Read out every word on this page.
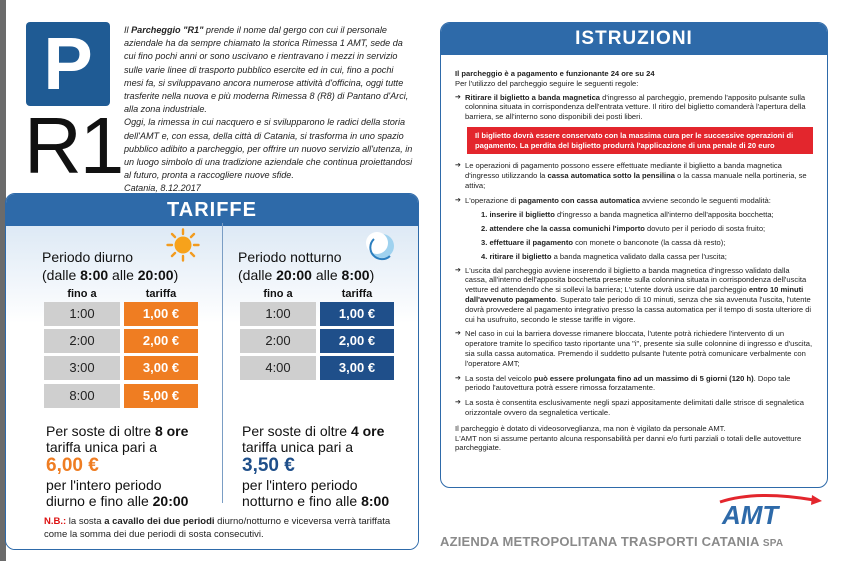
P
R1

Il Parcheggio "R1" prende il nome dal gergo con cui il personale aziendale ha da sempre chiamato la storica Rimessa 1 AMT, sede da cui fino pochi anni or sono uscivano e rientravano i mezzi in servizio sulle varie linee di trasporto pubblico esercite ed in cui, fino a pochi mesi fa, si sviluppavano ancora numerose attività d'officina, oggi tutte trasferite nella nuova e più moderna Rimessa 8 (R8) di Pantano d'Arci, alla zona industriale.

Oggi, la rimessa in cui nacquero e si svilupparono le radici della storia dell'AMT e, con essa, della città di Catania, si trasforma in uno spazio pubblico adibito a parcheggio, per offrire un nuovo servizio all'utenza, in un luogo simbolo di una tradizione aziendale che continua proiettandosi al futuro, pronta a raccogliere nuove sfide.

Catania, 8.12.2017

TARIFFE
Periodo diurno
(dalle 8:00 alle 20:00)
fino a	tariffa
1:00	1,00 €
2:00	2,00 €
3:00	3,00 €
8:00	5,00 €
Per soste di oltre 8 ore
tariffa unica pari a
6,00 €
per l'intero periodo
diurno e fino alle 20:00
Periodo notturno
(dalle 20:00 alle 8:00)
fino a	tariffa
1:00	1,00 €
2:00	2,00 €
4:00	3,00 €
Per soste di oltre 4 ore
tariffa unica pari a
3,50 €
per l'intero periodo
notturno e fino alle 8:00
N.B.: la sosta a cavallo dei due periodi diurno/notturno e viceversa verrà tariffata come la somma dei due periodi di sosta consecutivi.
ISTRUZIONI
Il parcheggio è a pagamento e funzionante 24 ore su 24
Per l'utilizzo del parcheggio seguire le seguenti regole:
➔ Ritirare il biglietto a banda magnetica d'ingresso al parcheggio, premendo l'apposito pulsante sulla colonnina situata in corrispondenza dell'entrata vetture. Il ritiro del biglietto comanderà l'apertura della barriera, se all'interno sono disponibili dei posti liberi.
Il biglietto dovrà essere conservato con la massima cura per le successive operazioni di pagamento. La perdita del biglietto produrrà l'applicazione di una penale di 20 euro
➔ Le operazioni di pagamento possono essere effettuate mediante il biglietto a banda magnetica d'ingresso utilizzando la cassa automatica sotto la pensilina o la cassa manuale nella portineria, se attiva;
➔ L'operazione di pagamento con cassa automatica avviene secondo le seguenti modalità:
1. inserire il biglietto d'ingresso a banda magnetica all'interno dell'apposita bocchetta;
2. attendere che la cassa comunichi l'importo dovuto per il periodo di sosta fruito;
3. effettuare il pagamento con monete o banconote (la cassa dà resto);
4. ritirare il biglietto a banda magnetica validato dalla cassa per l'uscita;
➔ L'uscita dal parcheggio avviene inserendo il biglietto a banda magnetica d'ingresso validato dalla cassa, all'interno dell'apposita bocchetta presente sulla colonnina situata in corrispondenza dell'uscita vetture ed attendendo che si sollevi la barriera; L'utente dovrà uscire dal parcheggio entro 10 minuti dall'avvenuto pagamento. Superato tale periodo di 10 minuti, senza che sia avvenuta l'uscita, l'utente dovrà provvedere al pagamento integrativo presso la cassa automatica per il tempo di sosta ulteriore di cui ha usufruito, secondo le stesse tariffe in vigore.
➔ Nel caso in cui la barriera dovesse rimanere bloccata, l'utente potrà richiedere l'intervento di un operatore tramite lo specifico tasto riportante una "i", presente sia sulle colonnine di ingresso e d'uscita, sia sulla cassa automatica. Premendo il suddetto pulsante l'utente potrà comunicare verbalmente con l'operatore AMT;
➔ La sosta del veicolo può essere prolungata fino ad un massimo di 5 giorni (120 h). Dopo tale periodo l'autovettura potrà essere rimossa forzatamente.
➔ La sosta è consentita esclusivamente negli spazi appositamente delimitati dalle strisce di segnaletica orizzontale ovvero da segnaletica verticale.
Il parcheggio è dotato di videosorveglianza, ma non è vigilato da personale AMT.
L'AMT non si assume pertanto alcuna responsabilità per danni e/o furti parziali o totali delle autovetture parcheggiate.
AMT
AZIENDA METROPOLITANA TRASPORTI CATANIA SPA
